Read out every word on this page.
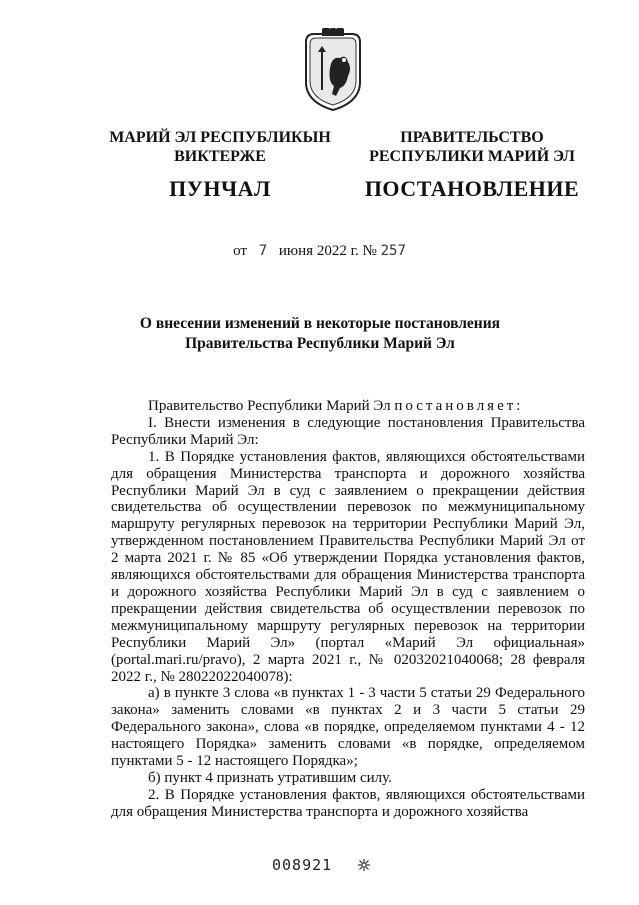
МАРИЙ ЭЛ РЕСПУБЛИКЫН
ВИКТЕРЖЕ
ПРАВИТЕЛЬСТВО
РЕСПУБЛИКИ МАРИЙ ЭЛ
ПУНЧАЛ	ПОСТАНОВЛЕНИЕ
от 7 июня 2022 г. № 257
О внесении изменений в некоторые постановления
Правительства Республики Марий Эл

Правительство Республики Марий Эл постановляет:

I. Внести изменения в следующие постановления Правительства Республики Марий Эл:

1. В Порядке установления фактов, являющихся обстоятельствами для обращения Министерства транспорта и дорожного хозяйства Республики Марий Эл в суд с заявлением о прекращении действия свидетельства об осуществлении перевозок по межмуниципальному маршруту регулярных перевозок на территории Республики Марий Эл, утвержденном постановлением Правительства Республики Марий Эл от 2 марта 2021 г. № 85 «Об утверждении Порядка установления фактов, являющихся обстоятельствами для обращения Министерства транспорта и дорожного хозяйства Республики Марий Эл в суд с заявлением о прекращении действия свидетельства об осуществлении перевозок по межмуниципальному маршруту регулярных перевозок на территории Республики Марий Эл» (портал «Марий Эл официальная» (portal.mari.ru/pravo), 2 марта 2021 г., № 02032021040068; 28 февраля 2022 г., № 28022022040078):

а) в пункте 3 слова «в пунктах 1 - 3 части 5 статьи 29 Федерального закона» заменить словами «в пунктах 2 и 3 части 5 статьи 29 Федерального закона», слова «в порядке, определяемом пунктами 4 - 12 настоящего Порядка» заменить словами «в порядке, определяемом пунктами 5 - 12 настоящего Порядка»;

б) пункт 4 признать утратившим силу.

2. В Порядке установления фактов, являющихся обстоятельствами для обращения Министерства транспорта и дорожного хозяйства

008921
